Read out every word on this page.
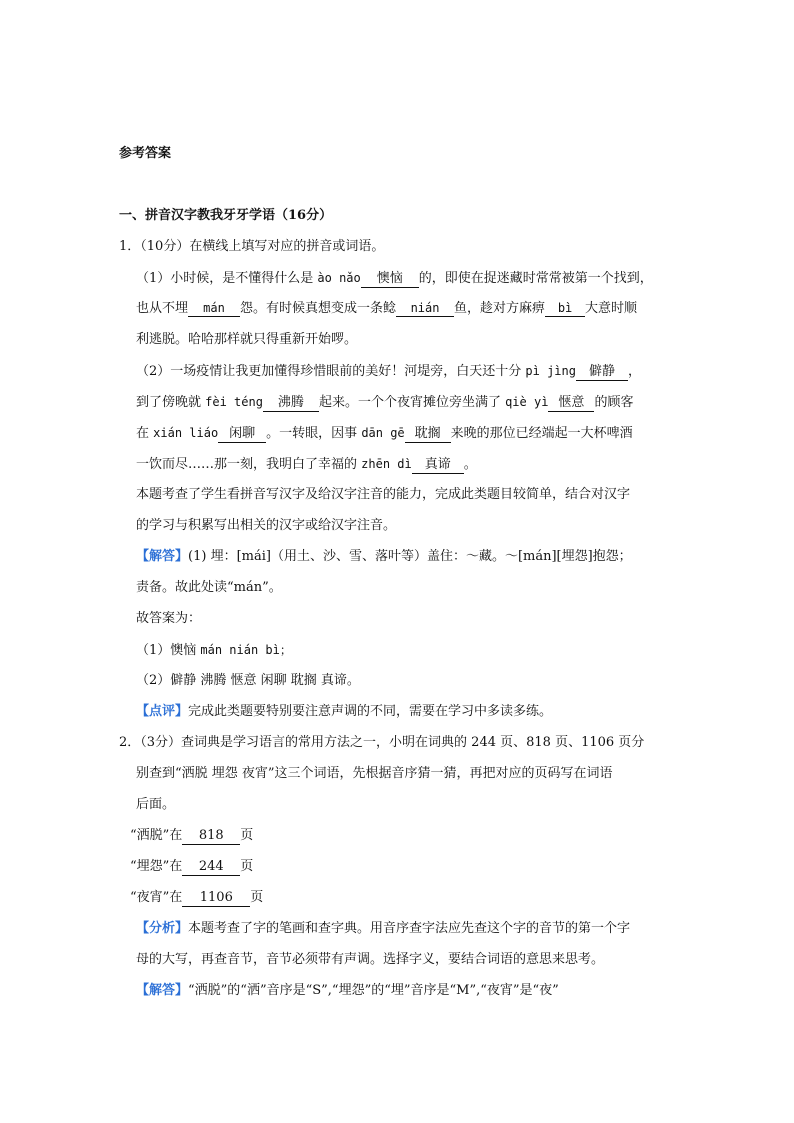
参考答案
一、拼音汉字教我牙牙学语（16分）
1．（10分）在横线上填写对应的拼音或词语。
（1）小时候，是不懂得什么是 ào nǎo 懊恼 的，即使在捉迷藏时常常被第一个找到，
也从不埋 mán 怨。有时候真想变成一条鲶 nián 鱼，趁对方麻痹 bì 大意时顺
利逃脱。哈哈那样就只得重新开始啰。
（2）一场疫情让我更加懂得珍惜眼前的美好！河堤旁，白天还十分 pì jìng 僻静 ，
到了傍晚就 fèi téng 沸腾 起来。一个个夜宵摊位旁坐满了 qiè yì 惬意 的顾客
在 xián liáo 闲聊 。一转眼，因事 dān gē 耽搁 来晚的那位已经端起一大杯啤酒
一饮而尽……那一刻，我明白了幸福的 zhēn dì 真谛 。
本题考查了学生看拼音写汉字及给汉字注音的能力，完成此类题目较简单，结合对汉字
的学习与积累写出相关的汉字或给汉字注音。
【解答】(1) 埋：[mái]（用土、沙、雪、落叶等）盖住：～藏。～[mán][埋怨]抱怨；
责备。故此处读“mán”。
故答案为：
（1）懊恼 mán nián bì；
（2）僻静 沸腾 惬意 闲聊 耽搁 真谛。
【点评】完成此类题要特别要注意声调的不同，需要在学习中多读多练。
2．（3分）查词典是学习语言的常用方法之一，小明在词典的 244 页、818 页、1106 页分
别查到“洒脱 埋怨 夜宵”这三个词语，先根据音序猜一猜，再把对应的页码写在词语
后面。
“洒脱”在 818 页
“埋怨”在 244 页
“夜宵”在 1106 页
【分析】本题考查了字的笔画和查字典。用音序查字法应先查这个字的音节的第一个字
母的大写，再查音节，音节必须带有声调。选择字义，要结合词语的意思来思考。
【解答】“洒脱”的“洒”音序是“S”,“埋怨”的“埋”音序是“M”,“夜宵”是“夜”
